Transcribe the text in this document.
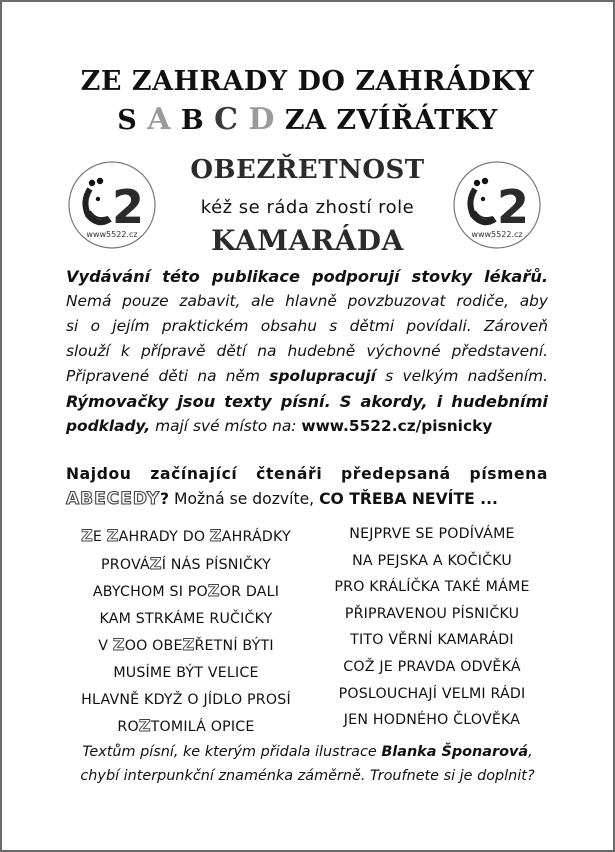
ZE ZAHRADY DO ZAHRÁDKY
S A B C D ZA ZVÍŘÁTKY
OBEZŘETNOST
kéž se ráda zhostí role
KAMARÁDA
2
www5522.cz
2
www5522.cz
Vydávání této publikace podporují stovky lékařů.
Nemá pouze zabavit, ale hlavně povzbuzovat rodiče, aby
si o jejím praktickém obsahu s dětmi povídali. Zároveň
slouží k přípravě dětí na hudebně výchovné představení.
Připravené děti na něm spolupracují s velkým nadšením.
Rýmovačky jsou texty písní. S akordy, i hudebními
podklady, mají své místo na: www.5522.cz/pisnicky
Najdou začínající čtenáři předepsaná písmena
ABECEDY? Možná se dozvíte, CO TŘEBA NEVÍTE ...
ZE ZAHRADY DO ZAHRÁDKY
PROVÁZÍ NÁS PÍSNIČKY
ABYCHOM SI POZOR DALI
KAM STRKÁME RUČIČKY
V ZOO OBEZŘETNÍ BÝTI
MUSÍME BÝT VELICE
HLAVNĚ KDYŽ O JÍDLO PROSÍ
ROZTOMILÁ OPICE
NEJPRVE SE PODÍVÁME
NA PEJSKA A KOČIČKU
PRO KRÁLÍČKA TAKÉ MÁME
PŘIPRAVENOU PÍSNIČKU
TITO VĚRNÍ KAMARÁDI
COŽ JE PRAVDA ODVĚKÁ
POSLOUCHAJÍ VELMI RÁDI
JEN HODNÉHO ČLOVĚKA
Textům písní, ke kterým přidala ilustrace Blanka Šponarová,
chybí interpunkční znaménka záměrně. Troufnete si je doplnit?
